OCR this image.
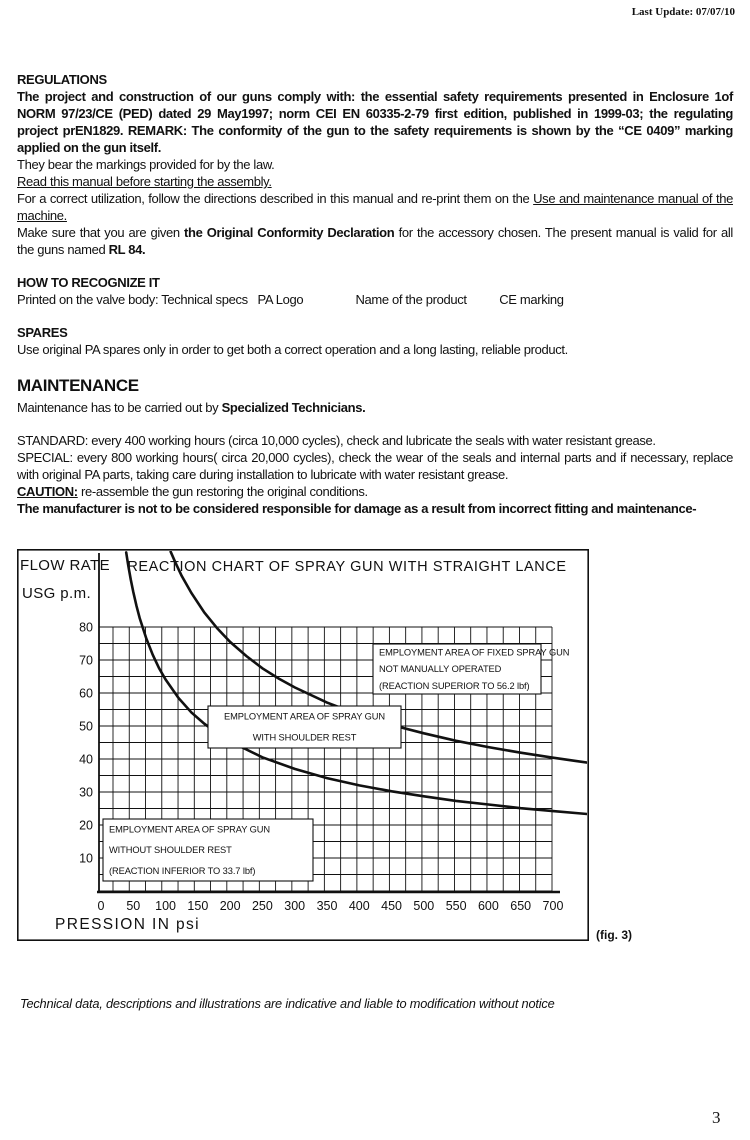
Last Update: 07/07/10

REGULATIONS

The project and construction of our guns comply with: the essential safety requirements presented in Enclosure 1of NORM 97/23/CE (PED) dated 29 May1997; norm CEI EN 60335-2-79 first edition, published in 1999-03; the regulating project prEN1829. REMARK: The conformity of the gun to the safety requirements is shown by the “CE 0409” marking applied on the gun itself.

They bear the markings provided for by the law.

Read this manual before starting the assembly.

For a correct utilization, follow the directions described in this manual and re-print them on the Use and maintenance manual of the machine.

Make sure that you are given the Original Conformity Declaration for the accessory chosen. The present manual is valid for all the guns named RL 84.

HOW TO RECOGNIZE IT

Printed on the valve body: Technical specs   PA Logo                Name of the product          CE marking

SPARES

Use original PA spares only in order to get both a correct operation and a long lasting, reliable product.

MAINTENANCE

Maintenance has to be carried out by Specialized Technicians.

STANDARD: every 400 working hours (circa 10,000 cycles), check and lubricate the seals with water resistant grease.

SPECIAL: every 800 working hours( circa 20,000 cycles), check the wear of the seals and internal parts and if necessary, replace with original PA parts, taking care during installation to lubricate with water resistant grease.

CAUTION: re-assemble the gun restoring the original conditions.

The manufacturer is not to be considered responsible for damage as a result from incorrect fitting and maintenance-

EMPLOYMENT AREA OF FIXED SPRAY GUN
NOT MANUALLY OPERATED
(REACTION SUPERIOR TO 56.2 lbf)
EMPLOYMENT AREA OF SPRAY GUN
WITH SHOULDER REST
EMPLOYMENT AREA OF SPRAY GUN
WITHOUT SHOULDER REST
(REACTION INFERIOR TO 33.7 lbf)
0 50 100 150 200 250 300 350 400 450 500 550 600 650 700
10
20
30
40
50
60
70
80
REACTION CHART OF SPRAY GUN WITH STRAIGHT LANCE
FLOW RATE
USG p.m.
PRESSION IN psi
(fig. 3)
Technical data, descriptions and illustrations are indicative and liable to modification without notice
3
